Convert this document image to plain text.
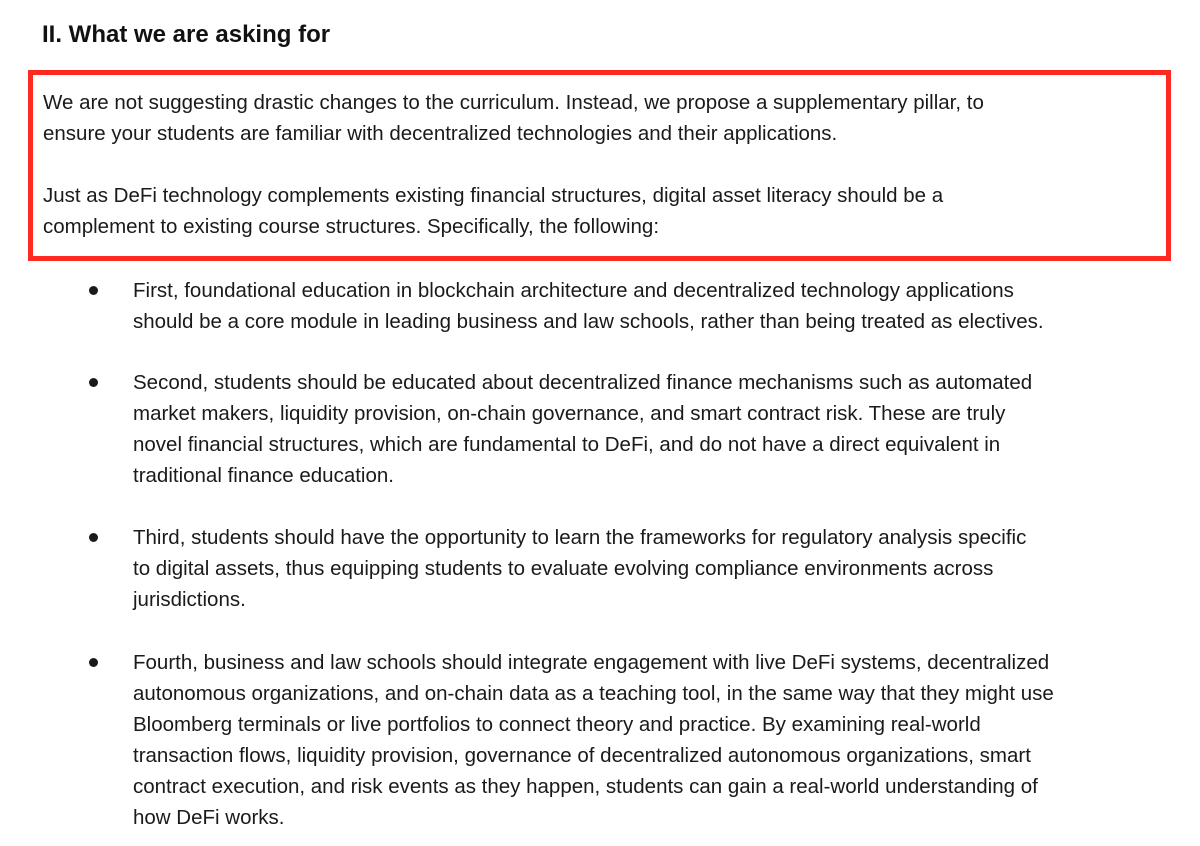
II. What we are asking for

We are not suggesting drastic changes to the curriculum. Instead, we propose a supplementary pillar, to
ensure your students are familiar with decentralized technologies and their applications.

Just as DeFi technology complements existing financial structures, digital asset literacy should be a
complement to existing course structures. Specifically, the following:

First, foundational education in blockchain architecture and decentralized technology applications
should be a core module in leading business and law schools, rather than being treated as electives.
Second, students should be educated about decentralized finance mechanisms such as automated
market makers, liquidity provision, on-chain governance, and smart contract risk. These are truly
novel financial structures, which are fundamental to DeFi, and do not have a direct equivalent in
traditional finance education.
Third, students should have the opportunity to learn the frameworks for regulatory analysis specific
to digital assets, thus equipping students to evaluate evolving compliance environments across
jurisdictions.
Fourth, business and law schools should integrate engagement with live DeFi systems, decentralized
autonomous organizations, and on-chain data as a teaching tool, in the same way that they might use
Bloomberg terminals or live portfolios to connect theory and practice. By examining real-world
transaction flows, liquidity provision, governance of decentralized autonomous organizations, smart
contract execution, and risk events as they happen, students can gain a real-world understanding of
how DeFi works.
